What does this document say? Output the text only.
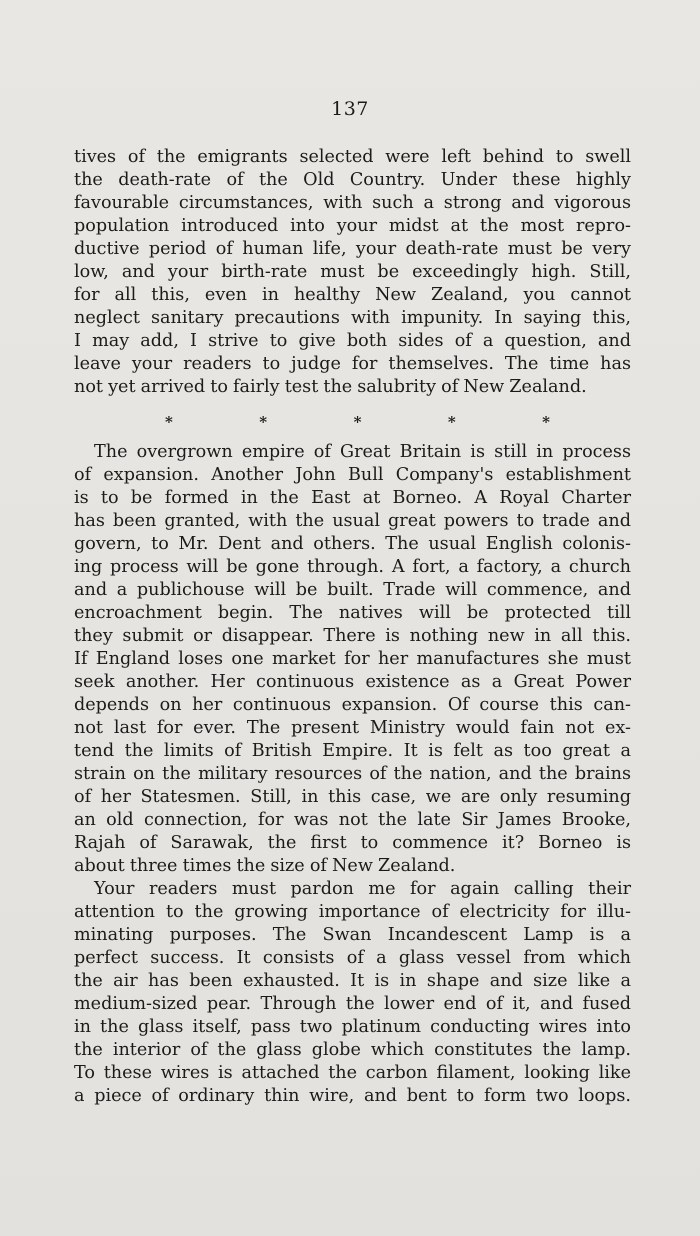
137
tives of the emigrants selected were left behind to swell
the death-rate of the Old Country. Under these highly
favourable circumstances, with such a strong and vigorous
population introduced into your midst at the most repro-
ductive period of human life, your death-rate must be very
low, and your birth-rate must be exceedingly high. Still,
for all this, even in healthy New Zealand, you cannot
neglect sanitary precautions with impunity. In saying this,
I may add, I strive to give both sides of a question, and
leave your readers to judge for themselves. The time has
not yet arrived to fairly test the salubrity of New Zealand.
*	*	*	*	*
The overgrown empire of Great Britain is still in process
of expansion. Another John Bull Company's establishment
is to be formed in the East at Borneo. A Royal Charter
has been granted, with the usual great powers to trade and
govern, to Mr. Dent and others. The usual English colonis-
ing process will be gone through. A fort, a factory, a church
and a publichouse will be built. Trade will commence, and
encroachment begin. The natives will be protected till
they submit or disappear. There is nothing new in all this.
If England loses one market for her manufactures she must
seek another. Her continuous existence as a Great Power
depends on her continuous expansion. Of course this can-
not last for ever. The present Ministry would fain not ex-
tend the limits of British Empire. It is felt as too great a
strain on the military resources of the nation, and the brains
of her Statesmen. Still, in this case, we are only resuming
an old connection, for was not the late Sir James Brooke,
Rajah of Sarawak, the first to commence it? Borneo is
about three times the size of New Zealand.
Your readers must pardon me for again calling their
attention to the growing importance of electricity for illu-
minating purposes. The Swan Incandescent Lamp is a
perfect success. It consists of a glass vessel from which
the air has been exhausted. It is in shape and size like a
medium-sized pear. Through the lower end of it, and fused
in the glass itself, pass two platinum conducting wires into
the interior of the glass globe which constitutes the lamp.
To these wires is attached the carbon filament, looking like
a piece of ordinary thin wire, and bent to form two loops.
